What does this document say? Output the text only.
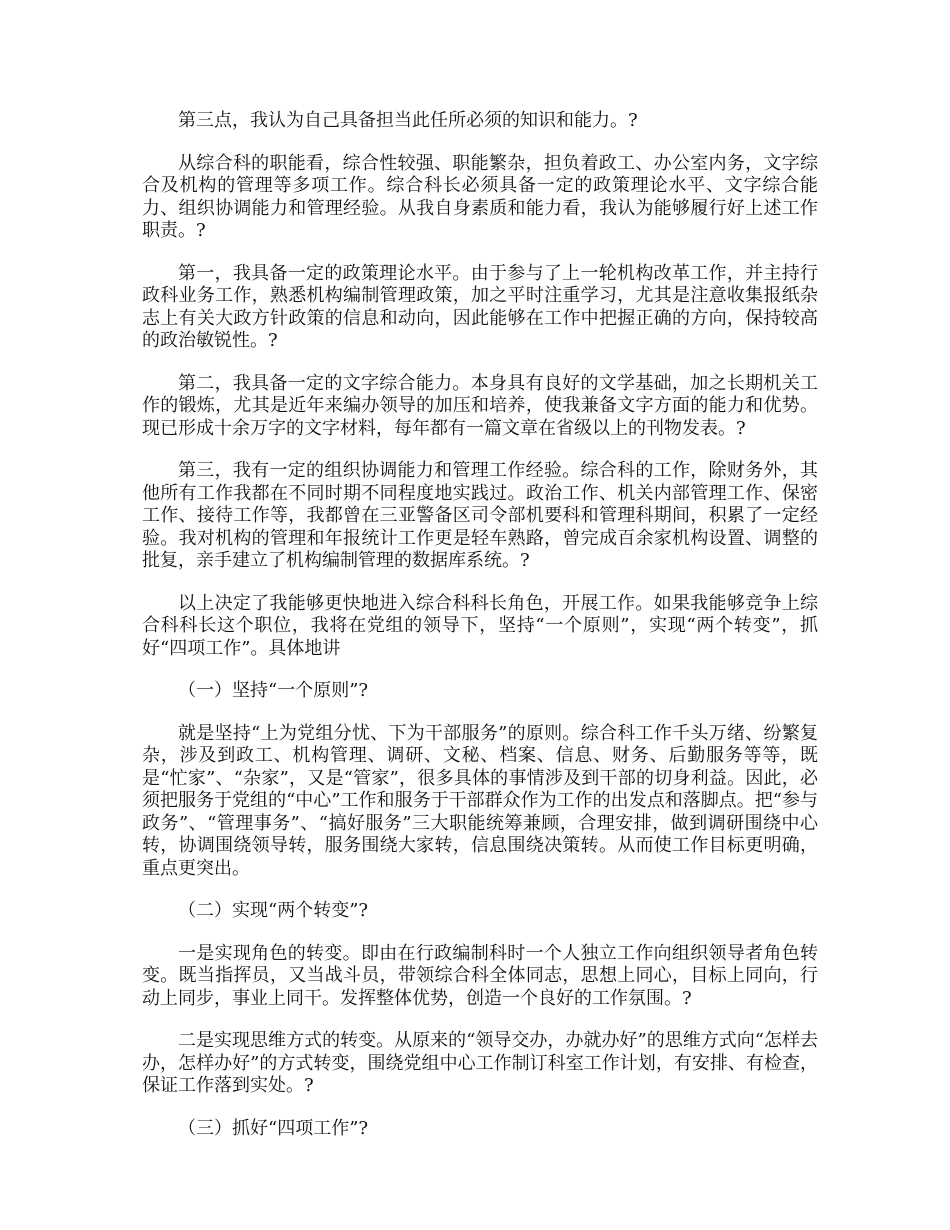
第三点，我认为自己具备担当此任所必须的知识和能力。?

从综合科的职能看，综合性较强、职能繁杂，担负着政工、办公室内务，文字综合及机构的管理等多项工作。综合科长必须具备一定的政策理论水平、文字综合能力、组织协调能力和管理经验。从我自身素质和能力看，我认为能够履行好上述工作职责。?

第一，我具备一定的政策理论水平。由于参与了上一轮机构改革工作，并主持行政科业务工作，熟悉机构编制管理政策，加之平时注重学习，尤其是注意收集报纸杂志上有关大政方针政策的信息和动向，因此能够在工作中把握正确的方向，保持较高的政治敏锐性。?

第二，我具备一定的文字综合能力。本身具有良好的文学基础，加之长期机关工作的锻炼，尤其是近年来编办领导的加压和培养，使我兼备文字方面的能力和优势。现已形成十余万字的文字材料，每年都有一篇文章在省级以上的刊物发表。?

第三，我有一定的组织协调能力和管理工作经验。综合科的工作，除财务外，其他所有工作我都在不同时期不同程度地实践过。政治工作、机关内部管理工作、保密工作、接待工作等，我都曾在三亚警备区司令部机要科和管理科期间，积累了一定经验。我对机构的管理和年报统计工作更是轻车熟路，曾完成百余家机构设置、调整的批复，亲手建立了机构编制管理的数据库系统。?

以上决定了我能够更快地进入综合科科长角色，开展工作。如果我能够竞争上综合科科长这个职位，我将在党组的领导下，坚持“一个原则”，实现“两个转变”，抓好“四项工作”。具体地讲

（一）坚持“一个原则”?

就是坚持“上为党组分忧、下为干部服务”的原则。综合科工作千头万绪、纷繁复杂，涉及到政工、机构管理、调研、文秘、档案、信息、财务、后勤服务等等，既是“忙家”、“杂家”，又是“管家”，很多具体的事情涉及到干部的切身利益。因此，必须把服务于党组的“中心”工作和服务于干部群众作为工作的出发点和落脚点。把“参与政务”、“管理事务”、“搞好服务”三大职能统筹兼顾，合理安排，做到调研围绕中心转，协调围绕领导转，服务围绕大家转，信息围绕决策转。从而使工作目标更明确，重点更突出。

（二）实现“两个转变”?

一是实现角色的转变。即由在行政编制科时一个人独立工作向组织领导者角色转变。既当指挥员，又当战斗员，带领综合科全体同志，思想上同心，目标上同向，行动上同步，事业上同干。发挥整体优势，创造一个良好的工作氛围。?

二是实现思维方式的转变。从原来的“领导交办，办就办好”的思维方式向“怎样去办，怎样办好”的方式转变，围绕党组中心工作制订科室工作计划，有安排、有检查，保证工作落到实处。?

（三）抓好“四项工作”?
